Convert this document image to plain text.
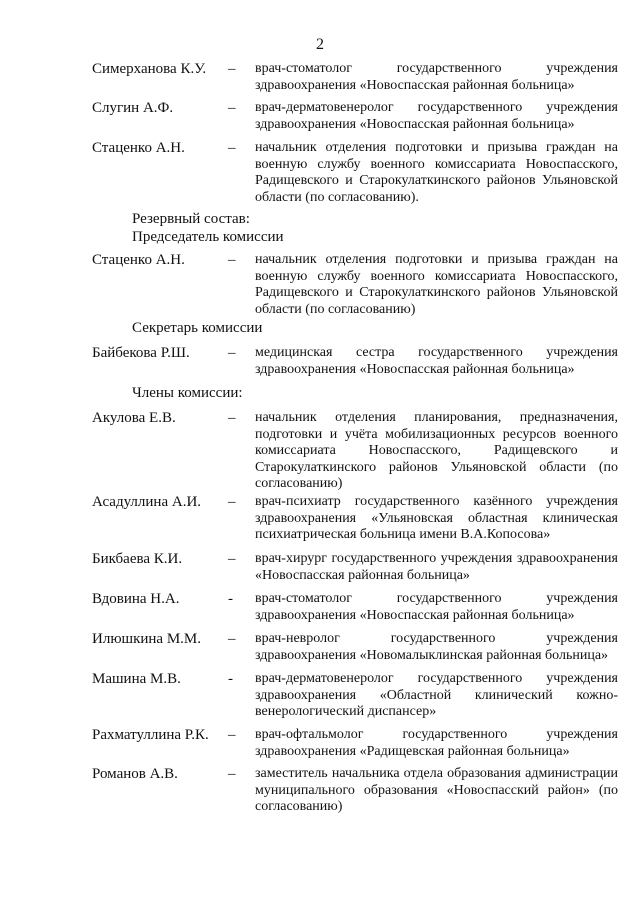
2
Симерханова К.У. – врач-стоматолог государственного учреждения здравоохранения «Новоспасская районная больница»
Слугин А.Ф.	– врач-дерматовенеролог государственного учреждения здравоохранения «Новоспасская районная больница»
Стаценко А.Н.	– начальник отделения подготовки и призыва граждан на военную службу военного комиссариата Новоспасского, Радищевского и Старокулаткинского районов Ульяновской области (по согласованию).
Резервный состав:
Председатель комиссии
Стаценко А.Н.	– начальник отделения подготовки и призыва граждан на военную службу военного комиссариата Новоспасского, Радищевского и Старокулаткинского районов Ульяновской области (по согласованию)
Секретарь комиссии
Байбекова Р.Ш.	– медицинская сестра государственного учреждения здравоохранения «Новоспасская районная больница»
Члены комиссии:
Акулова Е.В.	– начальник отделения планирования, предназначения, подготовки и учёта мобилизационных ресурсов военного комиссариата Новоспасского, Радищевского и Старокулаткинского районов Ульяновской области (по согласованию)
Асадуллина А.И. – врач-психиатр государственного казённого учреждения здравоохранения «Ульяновская областная клиническая психиатрическая больница имени В.А.Копосова»
Бикбаева К.И.	– врач-хирург государственного учреждения здравоохранения «Новоспасская районная больница»
Вдовина Н.А.	- врач-стоматолог государственного учреждения здравоохранения «Новоспасская районная больница»
Илюшкина М.М. – врач-невролог государственного учреждения здравоохранения «Новомалыклинская районная больница»
Машина М.В.	- врач-дерматовенеролог государственного учреждения здравоохранения «Областной клинический кожно-венерологический диспансер»
Рахматуллина Р.К. – врач-офтальмолог государственного учреждения здравоохранения «Радищевская районная больница»
Романов А.В.	– заместитель начальника отдела образования администрации муниципального образования «Новоспасский район» (по согласованию)
